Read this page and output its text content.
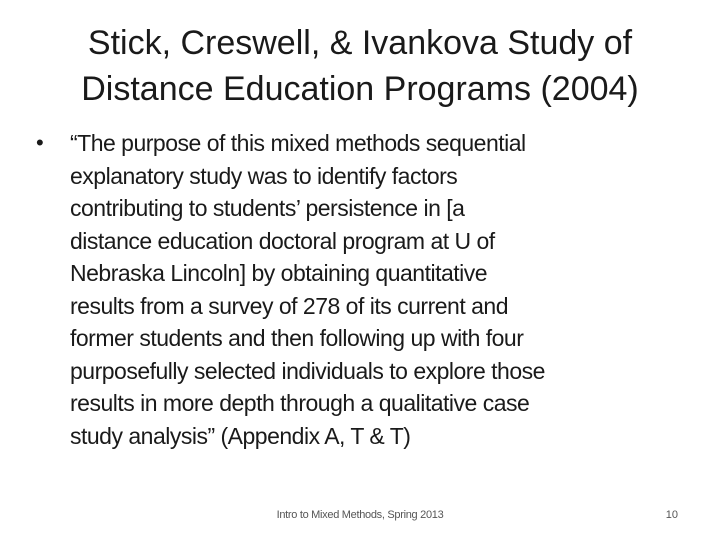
Stick, Creswell, & Ivankova Study of
Distance Education Programs (2004)
• “The purpose of this mixed methods sequential
explanatory study was to identify factors
contributing to students’ persistence in [a
distance education doctoral program at U of
Nebraska Lincoln] by obtaining quantitative
results from a survey of 278 of its current and
former students and then following up with four
purposefully selected individuals to explore those
results in more depth through a qualitative case
study analysis” (Appendix A, T & T)

Intro to Mixed Methods, Spring 2013	10
